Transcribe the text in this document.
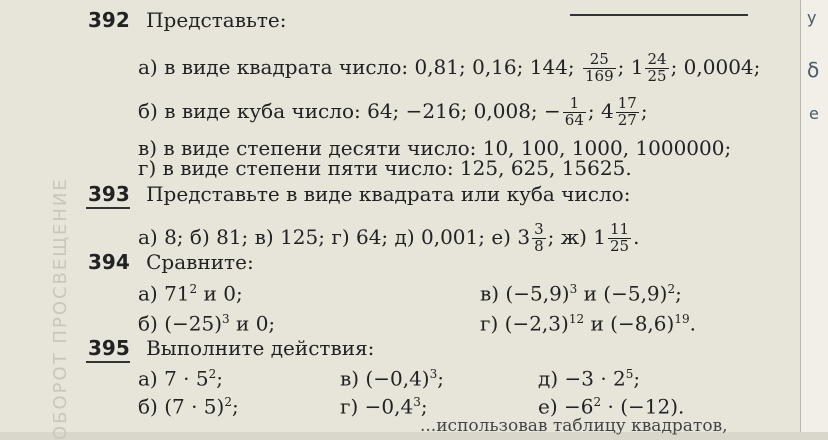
ОБОРОТ ПРОСВЕЩЕНИЕ
392 Представьте:
а) в виде квадрата число: 0,81; 0,16; 144; $\frac{25}{169}$ ; $1 \frac{24}{25}$ ; 0,0004;
б) в виде куба число: 64; −216; 0,008; − $\frac{1}{64}$ ; $4 \frac{17}{27}$ ;
в) в виде степени десяти число: 10, 100, 1000, 1000000;
г) в виде степени пяти число: 125, 625, 15625.
393 Представьте в виде квадрата или куба число:
а) 8; б) 81; в) 125; г) 64; д) 0,001; е) $3 \frac{3}{8}$ ; ж) $1 \frac{11}{25}$ .
394 Сравните:
а) $71^2$ и 0;
б) $(-25)^3$ и 0;
в) $(-5,9)^3$ и $(-5,9)^2$;
г) $(-2,3)^{12}$ и $(-8,6)^{19}$.
395 Выполните действия:
а) $7 \cdot 5^2$;
б) $(7 \cdot 5)^2$;
в) $(-0,4)^3$;
$г) -0,4^3$;
$д) -3 \cdot 2^5$;
$е) -6^2 \cdot (-12)$.
...использовав таблицу квадратов,
у
δ
е
